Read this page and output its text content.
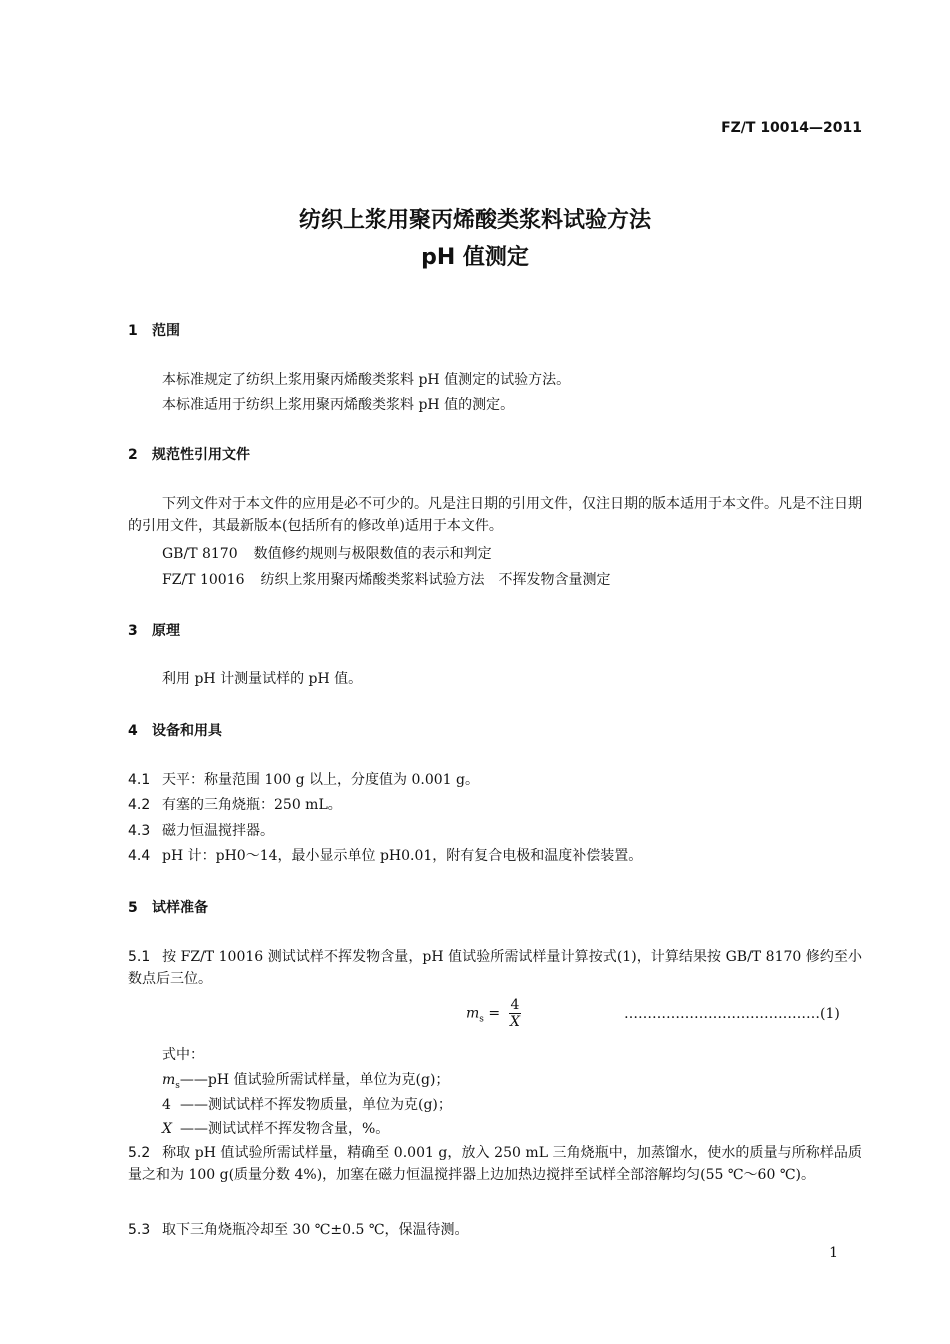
FZ/T 10014—2011
纺织上浆用聚丙烯酸类浆料试验方法
pH 值测定
1 范围
本标准规定了纺织上浆用聚丙烯酸类浆料 pH 值测定的试验方法。
本标准适用于纺织上浆用聚丙烯酸类浆料 pH 值的测定。
2 规范性引用文件
下列文件对于本文件的应用是必不可少的。凡是注日期的引用文件，仅注日期的版本适用于本文件。凡是不注日期的引用文件，其最新版本(包括所有的修改单)适用于本文件。
GB/T 8170 数值修约规则与极限数值的表示和判定
FZ/T 10016 纺织上浆用聚丙烯酸类浆料试验方法　不挥发物含量测定
3 原理
利用 pH 计测量试样的 pH 值。
4 设备和用具
4.1 天平：称量范围 100 g 以上，分度值为 0.001 g。
4.2 有塞的三角烧瓶：250 mL。
4.3 磁力恒温搅拌器。
4.4 pH 计：pH0～14，最小显示单位 pH0.01，附有复合电极和温度补偿装置。
5 试样准备
5.1 按 FZ/T 10016 测试试样不挥发物含量，pH 值试验所需试样量计算按式(1)，计算结果按 GB/T 8170 修约至小数点后三位。
$m_s = \frac{4}{X}$	……………………………………(1)
式中：
$m_s——pH$ 值试验所需试样量，单位为克(g)；
4 ——测试试样不挥发物质量，单位为克(g)；
X ——测试试样不挥发物含量，%。
5.2 称取 pH 值试验所需试样量，精确至 0.001 g，放入 250 mL 三角烧瓶中，加蒸馏水，使水的质量与所称样品质量之和为 100 g(质量分数 4%)，加塞在磁力恒温搅拌器上边加热边搅拌至试样全部溶解均匀(55 ℃～60 ℃)。
5.3 取下三角烧瓶冷却至 30 ℃±0.5 ℃，保温待测。
1
